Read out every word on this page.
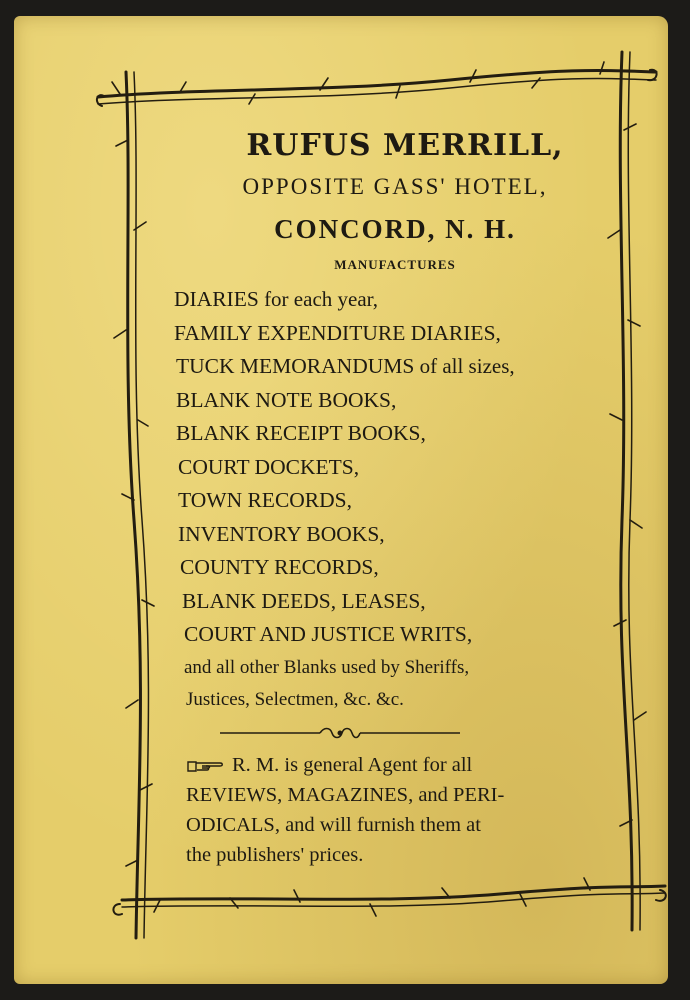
RUFUS MERRILL,
OPPOSITE GASS' HOTEL,
CONCORD, N. H.
MANUFACTURES
DIARIES for each year,
FAMILY EXPENDITURE DIARIES,
TUCK MEMORANDUMS of all sizes,
BLANK NOTE BOOKS,
BLANK RECEIPT BOOKS,
COURT DOCKETS,
TOWN RECORDS,
INVENTORY BOOKS,
COUNTY RECORDS,
BLANK DEEDS, LEASES,
COURT AND JUSTICE WRITS,
and all other Blanks used by Sheriffs,
Justices, Selectmen, &c. &c.

R. M. is general Agent for all

REVIEWS, MAGAZINES, and PERI-

ODICALS, and will furnish them at

the publishers' prices.
